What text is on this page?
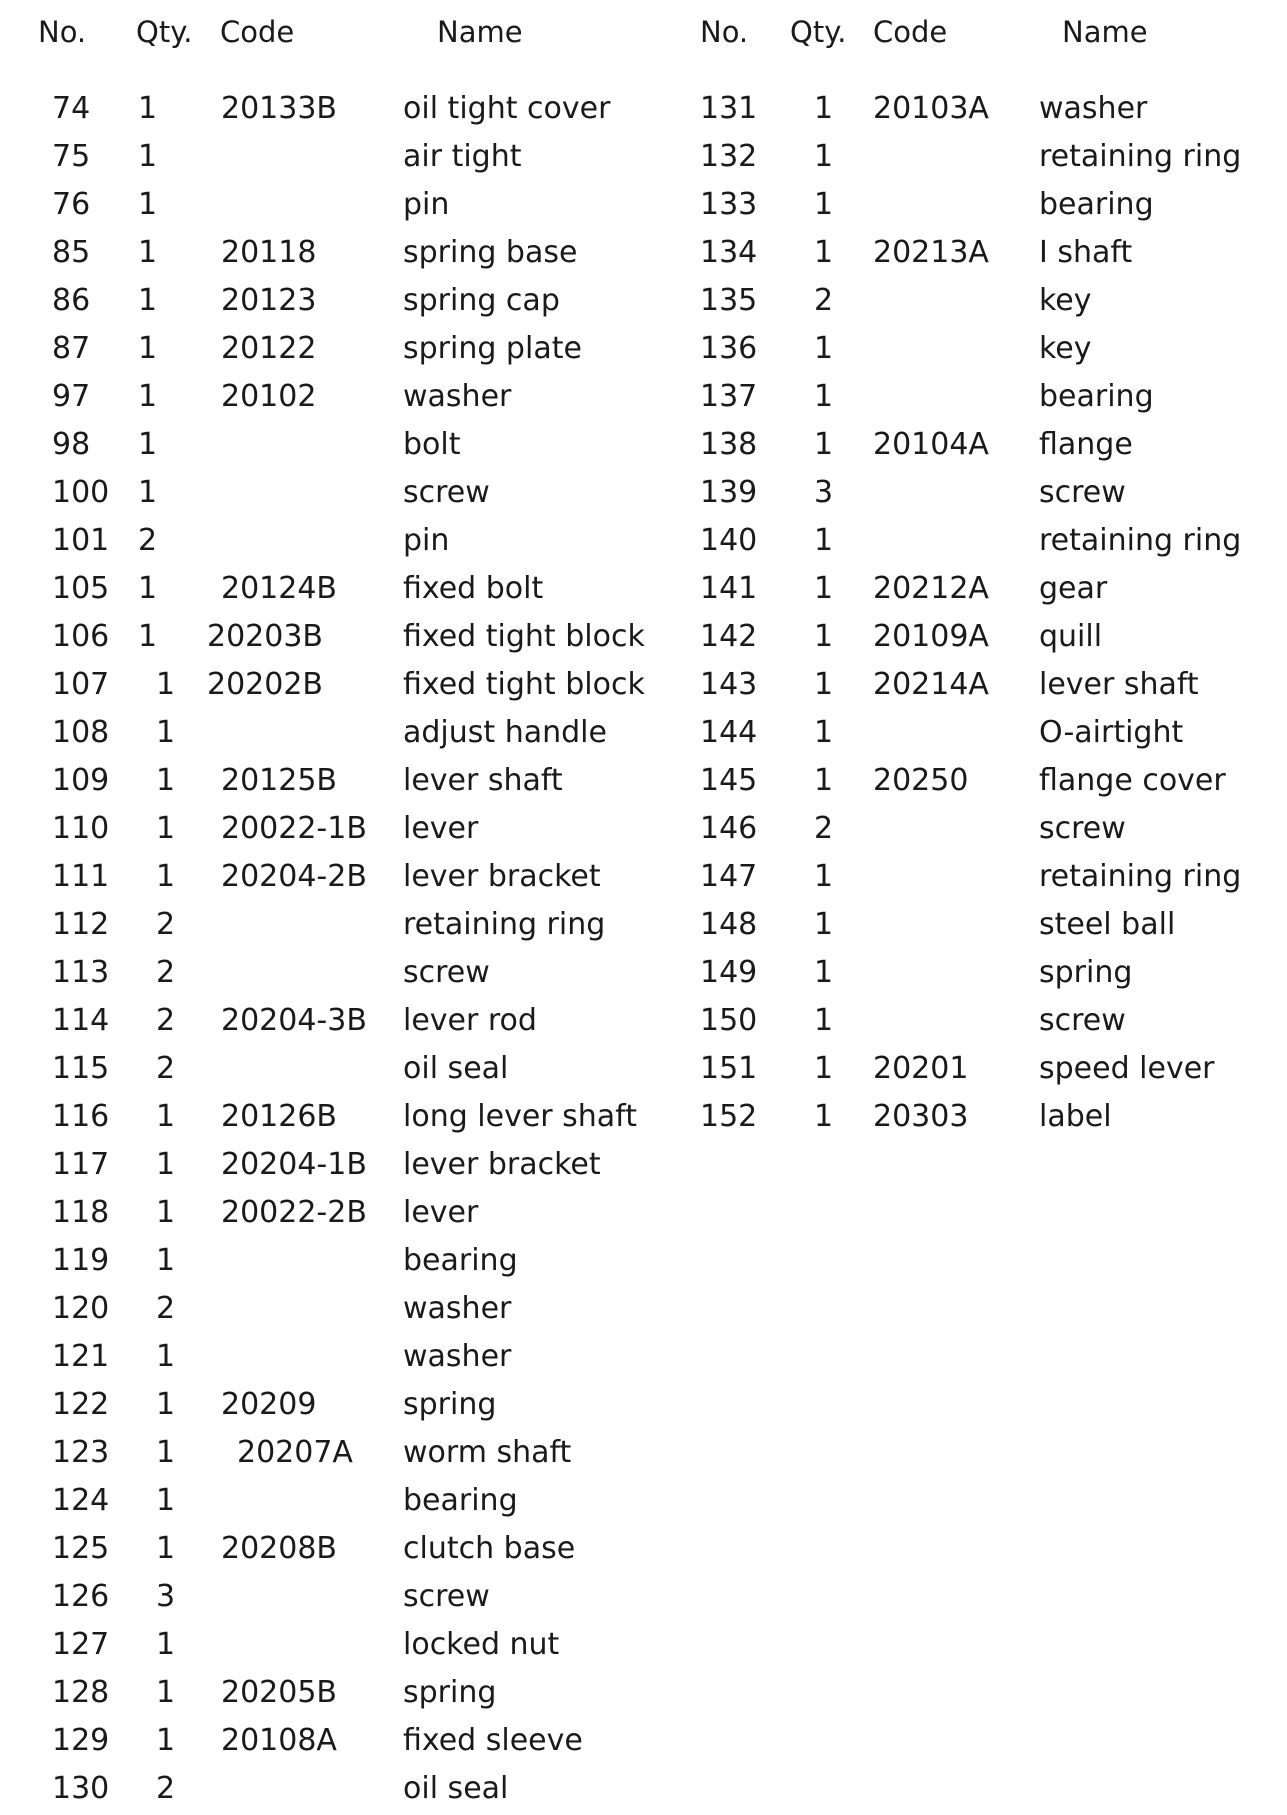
No. Qty. Code	Name
74 1 20133B oil tight cover
75 1	air tight
76 1	pin
85 1 20118	spring base
86 1 20123	spring cap
87 1 20122	spring plate
97 1 20102	washer
98 1	bolt
100 1	screw
101 2	pin
105 1 20124B fixed bolt
106 1 20203B	fixed tight block
107 1 20202B	fixed tight block
108 1	adjust handle
109 1 20125B lever shaft
110 1 20022-1B lever
111 1 20204-2B lever bracket
112 2	retaining ring
113 2	screw
114 2 20204-3B lever rod
115 2	oil seal
116 1 20126B long lever shaft
117 1 20204-1B lever bracket
118 1 20022-2B lever
119 1	bearing
120 2	washer
121 1	washer
122 1 20209	spring
123 1 20207A worm shaft
124 1	bearing
125 1 20208B clutch base
126 3	screw
127 1	locked nut
128 1 20205B spring
129 1 20108A fixed sleeve
130 2	oil seal
No. Qty. Code	Name
131 1 20103A washer
132 1	retaining ring
133 1	bearing
134 1 20213A I shaft
135 2	key
136 1	key
137 1	bearing
138 1 20104A flange
139 3	screw
140 1	retaining ring
141 1 20212A gear
142 1 20109A quill
143 1 20214A lever shaft
144 1	O-airtight
145 1 20250 flange cover
146 2	screw
147 1	retaining ring
148 1	steel ball
149 1	spring
150 1	screw
151 1 20201 speed lever
152 1 20303 label
